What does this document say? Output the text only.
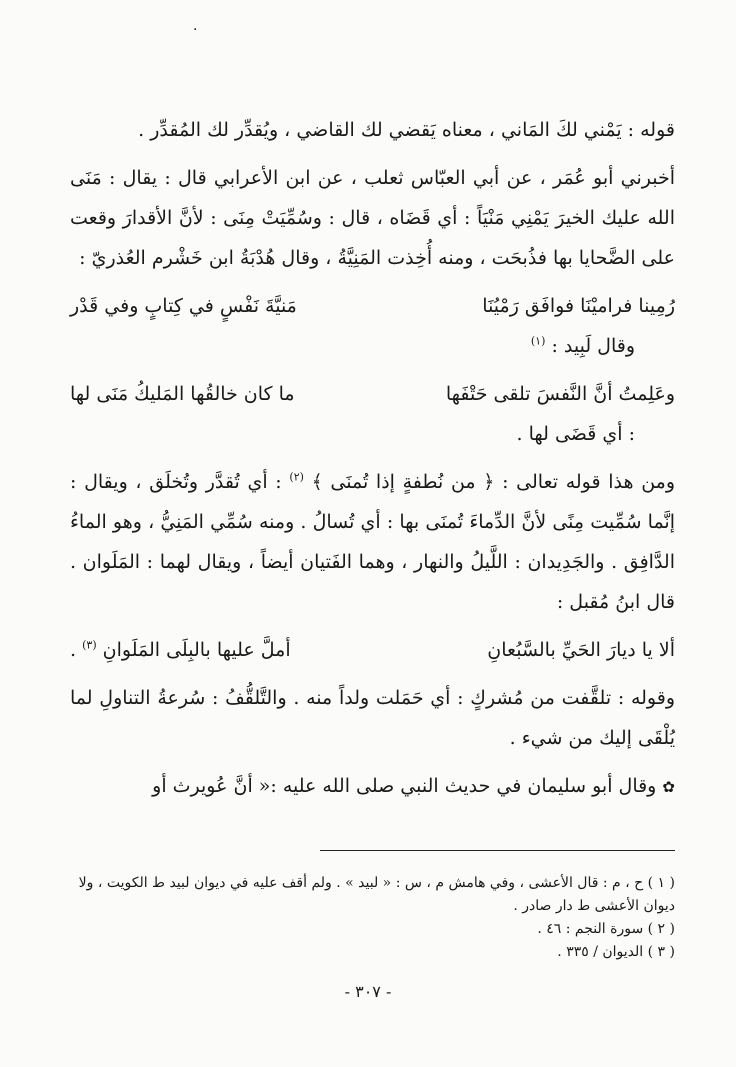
·

قوله : يَمْني لكَ المَاني ، معناه يَقضي لك القاضي ، ويُقدِّر لك المُقدِّر .

أخبرني أبو عُمَر ، عن أبي العبّاس ثعلب ، عن ابن الأعرابي قال : يقال : مَنَى الله عليك الخيرَ يَمْنِي مَنْيَاً : أي قَضَاه ، قال : وسُمِّيَتْ مِنَى : لأنَّ الأقدارَ وقعت على الضَّحايا بها فذُبحَت ، ومنه أُخِذت المَنِيَّةُ ، وقال هُدْبَةُ ابن خَشْرم العُذريّ :

رُمِينا فراميْنَا فوافَق رَمْيُنَا
مَنيَّةَ نَفْسٍ في كِتابٍ وفي قَدْر

وقال لَبِيد : $^{(١)}$

وعَلِمتُ أنَّ النَّفسَ تلقى حَتْفَها
ما كان خالقُها المَليكُ مَنَى لها

: أي قَضَى لها .

ومن هذا قوله تعالى : ﴿ من نُطفةٍ إذا تُمنَى ﴾ $^{(٢)}$ : أي تُقدَّر وتُخلَق ، ويقال : إنَّما سُمِّيت مِنًى لأنَّ الدِّماءَ تُمنَى بها : أي تُسالُ . ومنه سُمِّي المَنِيُّ ، وهو الماءُ الدَّافِق . والجَدِيدان : اللَّيلُ والنهار ، وهما الفَتيان أيضاً ، ويقال لهما : المَلَوان . قال ابنُ مُقبل :

ألا يا ديارَ الحَيِّ بالسَّبُعانِ
أملَّ عليها بالبِلَى المَلَوانِ $^{(٣)}$ .

وقوله : تلقَّفت من مُشركٍ : أي حَمَلت ولداً منه . والتَّلقُّفُ : سُرعةُ التناولِ لما يُلْقَى إليك من شيء .

✿ وقال أبو سليمان في حديث النبي صلى الله عليه :« أنَّ عُويرث أو

( ١ ) ح ، م : قال الأعشى ، وفي هامش م ، س : « لبيد » . ولم أقف عليه في ديوان لبيد ط الكويت ، ولا ديوان الأعشى ط دار صادر .

( ٢ ) سورة النجم : ٤٦ .

( ٣ ) الديوان / ٣٣٥ .

- ٣٠٧ -
